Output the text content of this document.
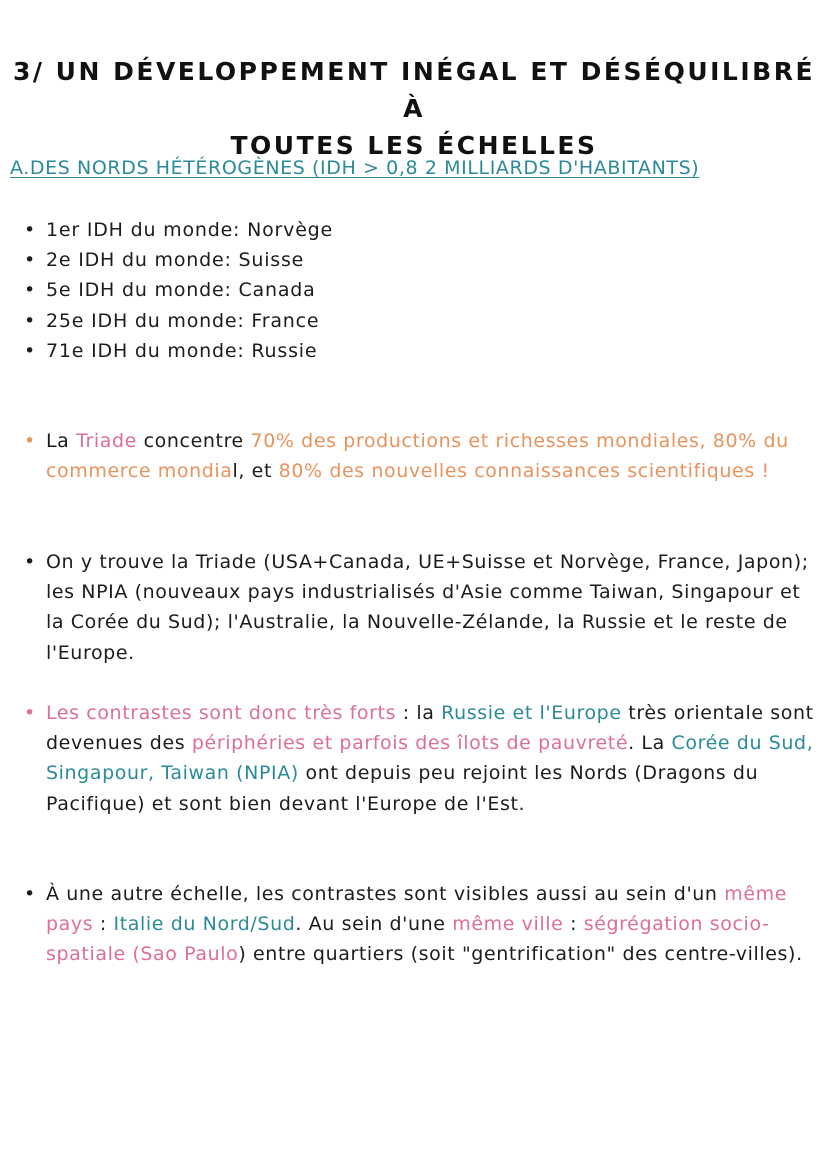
3/ UN DÉVELOPPEMENT INÉGAL ET DÉSÉQUILIBRÉ À
TOUTES LES ÉCHELLES
A.DES NORDS HÉTÉROGÈNES (IDH > 0,8 2 MILLIARDS D'HABITANTS)
• 1er IDH du monde: Norvège
• 2e IDH du monde: Suisse
• 5e IDH du monde: Canada
• 25e IDH du monde: France
• 71e IDH du monde: Russie
• La Triade concentre 70% des productions et richesses mondiales, 80% du commerce mondial, et 80% des nouvelles connaissances scientifiques !
• On y trouve la Triade (USA+Canada, UE+Suisse et Norvège, France, Japon); les NPIA (nouveaux pays industrialisés d'Asie comme Taiwan, Singapour et la Corée du Sud); l'Australie, la Nouvelle-Zélande, la Russie et le reste de l'Europe.
• Les contrastes sont donc très forts : la Russie et l'Europe très orientale sont devenues des périphéries et parfois des îlots de pauvreté. La Corée du Sud, Singapour, Taiwan (NPIA) ont depuis peu rejoint les Nords (Dragons du Pacifique) et sont bien devant l'Europe de l'Est.
• À une autre échelle, les contrastes sont visibles aussi au sein d'un même pays : Italie du Nord/Sud. Au sein d'une même ville : ségrégation socio-spatiale (Sao Paulo) entre quartiers (soit "gentrification" des centre-villes).
